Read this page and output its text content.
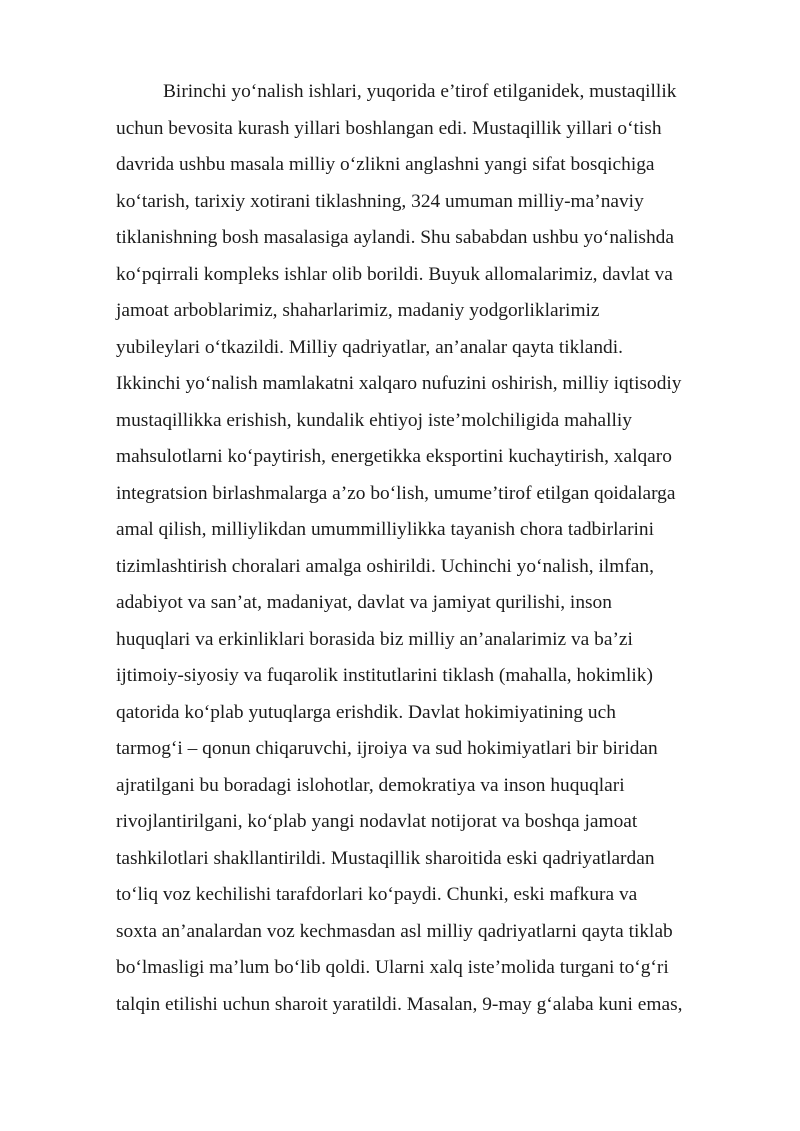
Birinchi yo‘nalish ishlari, yuqorida e’tirof etilganidek, mustaqillik
uchun bevosita kurash yillari boshlangan edi. Mustaqillik yillari o‘tish
davrida ushbu masala milliy o‘zlikni anglashni yangi sifat bosqichiga
ko‘tarish, tarixiy xotirani tiklashning, 324 umuman milliy-ma’naviy
tiklanishning bosh masalasiga aylandi. Shu sababdan ushbu yo‘nalishda
ko‘pqirrali kompleks ishlar olib borildi. Buyuk allomalarimiz, davlat va
jamoat arboblarimiz, shaharlarimiz, madaniy yodgorliklarimiz
yubileylari o‘tkazildi. Milliy qadriyatlar, an’analar qayta tiklandi.
Ikkinchi yo‘nalish mamlakatni xalqaro nufuzini oshirish, milliy iqtisodiy
mustaqillikka erishish, kundalik ehtiyoj iste’molchiligida mahalliy
mahsulotlarni ko‘paytirish, energetikka eksportini kuchaytirish, xalqaro
integratsion birlashmalarga a’zo bo‘lish, umume’tirof etilgan qoidalarga
amal qilish, milliylikdan umummilliylikka tayanish chora tadbirlarini
tizimlashtirish choralari amalga oshirildi. Uchinchi yo‘nalish, ilmfan,
adabiyot va san’at, madaniyat, davlat va jamiyat qurilishi, inson
huquqlari va erkinliklari borasida biz milliy an’analarimiz va ba’zi
ijtimoiy-siyosiy va fuqarolik institutlarini tiklash (mahalla, hokimlik)
qatorida ko‘plab yutuqlarga erishdik. Davlat hokimiyatining uch
tarmog‘i – qonun chiqaruvchi, ijroiya va sud hokimiyatlari bir biridan
ajratilgani bu boradagi islohotlar, demokratiya va inson huquqlari
rivojlantirilgani, ko‘plab yangi nodavlat notijorat va boshqa jamoat
tashkilotlari shakllantirildi. Mustaqillik sharoitida eski qadriyatlardan
to‘liq voz kechilishi tarafdorlari ko‘paydi. Chunki, eski mafkura va
soxta an’analardan voz kechmasdan asl milliy qadriyatlarni qayta tiklab
bo‘lmasligi ma’lum bo‘lib qoldi. Ularni xalq iste’molida turgani to‘g‘ri
talqin etilishi uchun sharoit yaratildi. Masalan, 9-may g‘alaba kuni emas,
